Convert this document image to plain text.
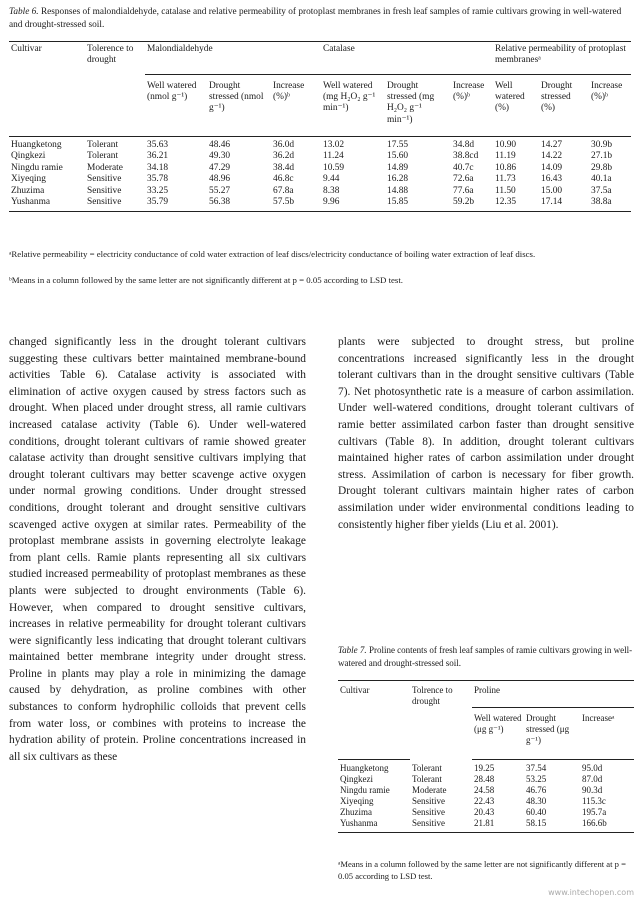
Table 6. Responses of malondialdehyde, catalase and relative permeability of protoplast membranes in fresh leaf samples of ramie cultivars growing in well-watered and drought-stressed soil.
Cultivar	Tolerence to drought	Malondialdehyde			Catalase			Relative permeability of protoplast membranesᵃ		
		Well watered (nmol g⁻¹)	Drought stressed (nmol g⁻¹)	Increase (%)ᵇ	Well watered (mg H₂O₂ g⁻¹ min⁻¹)	Drought stressed (mg H₂O₂ g⁻¹ min⁻¹)	Increase (%)ᵇ	Well watered (%)	Drought stressed (%)	Increase (%)ᵇ
Huangketong	Tolerant	35.63	48.46	36.0d	13.02	17.55	34.8d	10.90	14.27	30.9b
Qingkezi	Tolerant	36.21	49.30	36.2d	11.24	15.60	38.8cd	11.19	14.22	27.1b
Ningdu ramie	Moderate	34.18	47.29	38.4d	10.59	14.89	40.7c	10.86	14.09	29.8b
Xiyeqing	Sensitive	35.78	48.96	46.8c	9.44	16.28	72.6a	11.73	16.43	40.1a
Zhuzima	Sensitive	33.25	55.27	67.8a	8.38	14.88	77.6a	11.50	15.00	37.5a
Yushanma	Sensitive	35.79	56.38	57.5b	9.96	15.85	59.2b	12.35	17.14	38.8a
ᵃRelative permeability = electricity conductance of cold water extraction of leaf discs/electricity conductance of boiling water extraction of leaf discs.
ᵇMeans in a column followed by the same letter are not significantly different at p = 0.05 according to LSD test.

changed significantly less in the drought tolerant cultivars suggesting these cultivars better maintained membrane-bound activities Table 6). Catalase activity is associated with elimination of active oxygen caused by stress factors such as drought. When placed under drought stress, all ramie cultivars increased catalase activity (Table 6). Under well-watered conditions, drought tolerant cultivars of ramie showed greater calatase activity than drought sensitive cultivars implying that drought tolerant cultivars may better scavenge active oxygen under normal growing conditions. Under drought stressed conditions, drought tolerant and drought sensitive cultivars scavenged active oxygen at similar rates. Permeability of the protoplast membrane assists in governing electrolyte leakage from plant cells. Ramie plants representing all six cultivars studied increased permeability of protoplast membranes as these plants were subjected to drought environments (Table 6). However, when compared to drought sensitive cultivars, increases in relative permeability for drought tolerant cultivars were significantly less indicating that drought tolerant cultivars maintained better membrane integrity under drought stress. Proline in plants may play a role in minimizing the damage caused by dehydration, as proline combines with other substances to conform hydrophilic colloids that prevent cells from water loss, or combines with proteins to increase the hydration ability of protein. Proline concentrations increased in all six cultivars as these

plants were subjected to drought stress, but proline concentrations increased significantly less in the drought tolerant cultivars than in the drought sensitive cultivars (Table 7). Net photosynthetic rate is a measure of carbon assimilation. Under well-watered conditions, drought tolerant cultivars of ramie better assimilated carbon faster than drought sensitive cultivars (Table 8). In addition, drought tolerant cultivars maintained higher rates of carbon assimilation under drought stress. Assimilation of carbon is necessary for fiber growth. Drought tolerant cultivars maintain higher rates of carbon assimilation under wider environmental conditions leading to consistently higher fiber yields (Liu et al. 2001).

Table 7. Proline contents of fresh leaf samples of ramie cultivars growing in well-watered and drought-stressed soil.
Cultivar	Tolrence to drought	Proline		
		Well watered (μg g⁻¹)	Drought stressed (μg g⁻¹)	Increaseᵃ
Huangketong	Tolerant	19.25	37.54	95.0d
Qingkezi	Tolerant	28.48	53.25	87.0d
Ningdu ramie	Moderate	24.58	46.76	90.3d
Xiyeqing	Sensitive	22.43	48.30	115.3c
Zhuzima	Sensitive	20.43	60.40	195.7a
Yushanma	Sensitive	21.81	58.15	166.6b
ᵃMeans in a column followed by the same letter are not significantly different at p = 0.05 according to LSD test.
www.intechopen.com
